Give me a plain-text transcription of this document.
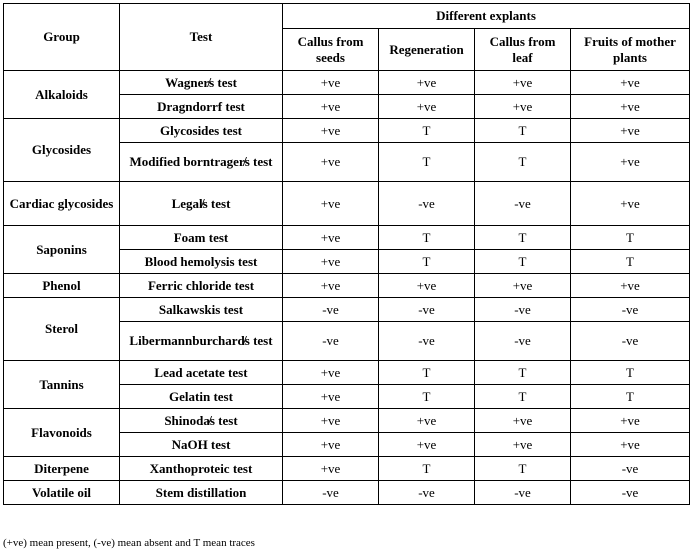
Group	Test	Different explants			
		Callus from seeds	Regeneration	Callus from leaf	Fruits of mother plants
Alkaloids	Wagner̸s test	+ve	+ve	+ve	+ve
	Dragndorrf test	+ve	+ve	+ve	+ve
Glycosides	Glycosides test	+ve	T	T	+ve
	Modified borntrager̸s test	+ve	T	T	+ve
Cardiac glycosides	Legal̸s test	+ve	-ve	-ve	+ve
Saponins	Foam test	+ve	T	T	T
	Blood hemolysis test	+ve	T	T	T
Phenol	Ferric chloride test	+ve	+ve	+ve	+ve
Sterol	Salkawskis test	-ve	-ve	-ve	-ve
	Libermannburchard̸s test	-ve	-ve	-ve	-ve
Tannins	Lead acetate test	+ve	T	T	T
	Gelatin test	+ve	T	T	T
Flavonoids	Shinoda̸s test	+ve	+ve	+ve	+ve
	NaOH test	+ve	+ve	+ve	+ve
Diterpene	Xanthoproteic test	+ve	T	T	-ve
Volatile oil	Stem distillation	-ve	-ve	-ve	-ve
(+ve) mean present, (-ve) mean absent and T mean traces
